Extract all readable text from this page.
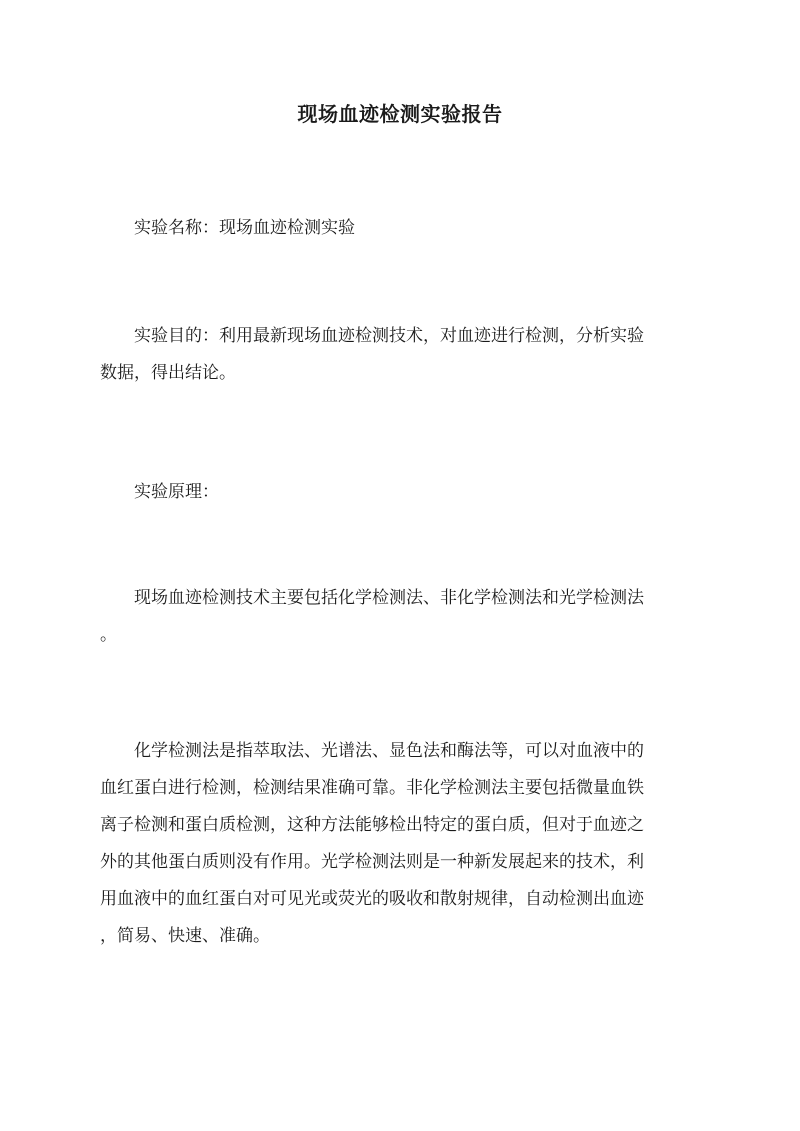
现场血迹检测实验报告

实验名称：现场血迹检测实验

实验目的：利用最新现场血迹检测技术，对血迹进行检测，分析实验
数据，得出结论。

实验原理：

现场血迹检测技术主要包括化学检测法、非化学检测法和光学检测法
。

化学检测法是指萃取法、光谱法、显色法和酶法等，可以对血液中的
血红蛋白进行检测，检测结果准确可靠。非化学检测法主要包括微量血铁
离子检测和蛋白质检测，这种方法能够检出特定的蛋白质，但对于血迹之
外的其他蛋白质则没有作用。光学检测法则是一种新发展起来的技术，利
用血液中的血红蛋白对可见光或荧光的吸收和散射规律，自动检测出血迹
，简易、快速、准确。
